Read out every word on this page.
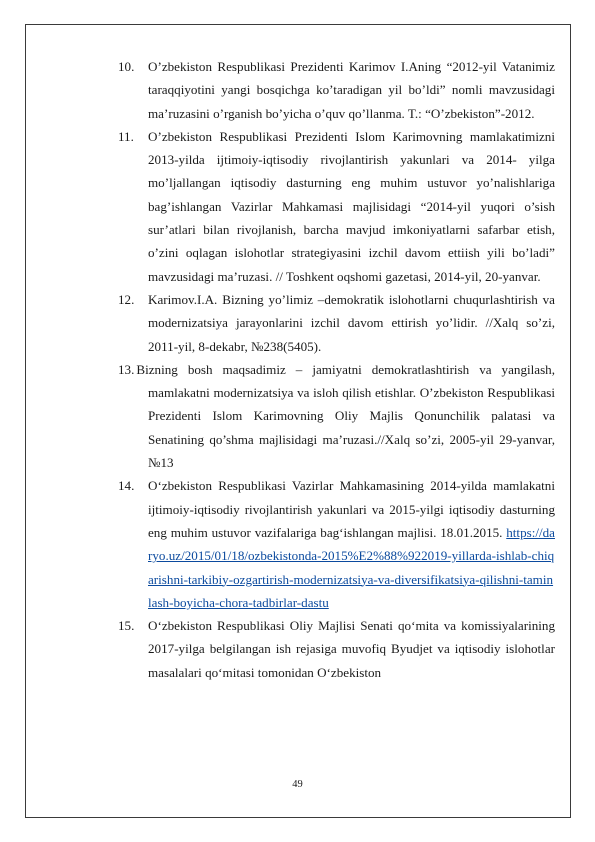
10. O’zbekiston Respublikasi Prezidenti Karimov I.Aning “2012-yil Vatanimiz taraqqiyotini yangi bosqichga ko’taradigan yil bo’ldi” nomli mavzusidagi ma’ruzasini o’rganish bo’yicha o’quv qo’llanma. T.: “O’zbekiston”-2012.

11. O’zbekiston Respublikasi Prezidenti Islom Karimovning mamlakatimizni 2013-yilda ijtimoiy-iqtisodiy rivojlantirish yakunlari va 2014- yilga mo’ljallangan iqtisodiy dasturning eng muhim ustuvor yo’nalishlariga bag’ishlangan Vazirlar Mahkamasi majlisidagi “2014-yil yuqori o’sish sur’atlari bilan rivojlanish, barcha mavjud imkoniyatlarni safarbar etish, o’zini oqlagan islohotlar strategiyasini izchil davom ettiish yili bo’ladi” mavzusidagi ma’ruzasi. // Toshkent oqshomi gazetasi, 2014-yil, 20-yanvar.

12. Karimov.I.A. Bizning yo’limiz –demokratik islohotlarni chuqurlashtirish va modernizatsiya jarayonlarini izchil davom ettirish yo’lidir. //Xalq so’zi, 2011-yil, 8-dekabr, №238(5405).

13. Bizning bosh maqsadimiz – jamiyatni demokratlashtirish va yangilash, mamlakatni modernizatsiya va isloh qilish etishlar. O’zbekiston Respublikasi Prezidenti Islom Karimovning Oliy Majlis Qonunchilik palatasi va Senatining qo’shma majlisidagi ma’ruzasi.//Xalq so’zi, 2005-yil 29-yanvar, №13

14. O‘zbekiston Respublikasi Vazirlar Mahkamasining 2014-yilda mamlakatni ijtimoiy-iqtisodiy rivojlantirish yakunlari va 2015-yilgi iqtisodiy dasturning eng muhim ustuvor vazifalariga bag‘ishlangan majlisi. 18.01.2015. https://daryo.uz/2015/01/18/ozbekistonda-2015%E2%88%922019-yillarda-ishlab-chiqarishni-tarkibiy-ozgartirish-modernizatsiya-va-diversifikatsiya-qilishni-taminlash-boyicha-chora-tadbirlar-dastu

15. O‘zbekiston Respublikasi Oliy Majlisi Senati qo‘mita va komissiyalarining 2017-yilga belgilangan ish rejasiga muvofiq Byudjet va iqtisodiy islohotlar masalalari qo‘mitasi tomonidan O‘zbekiston

49
